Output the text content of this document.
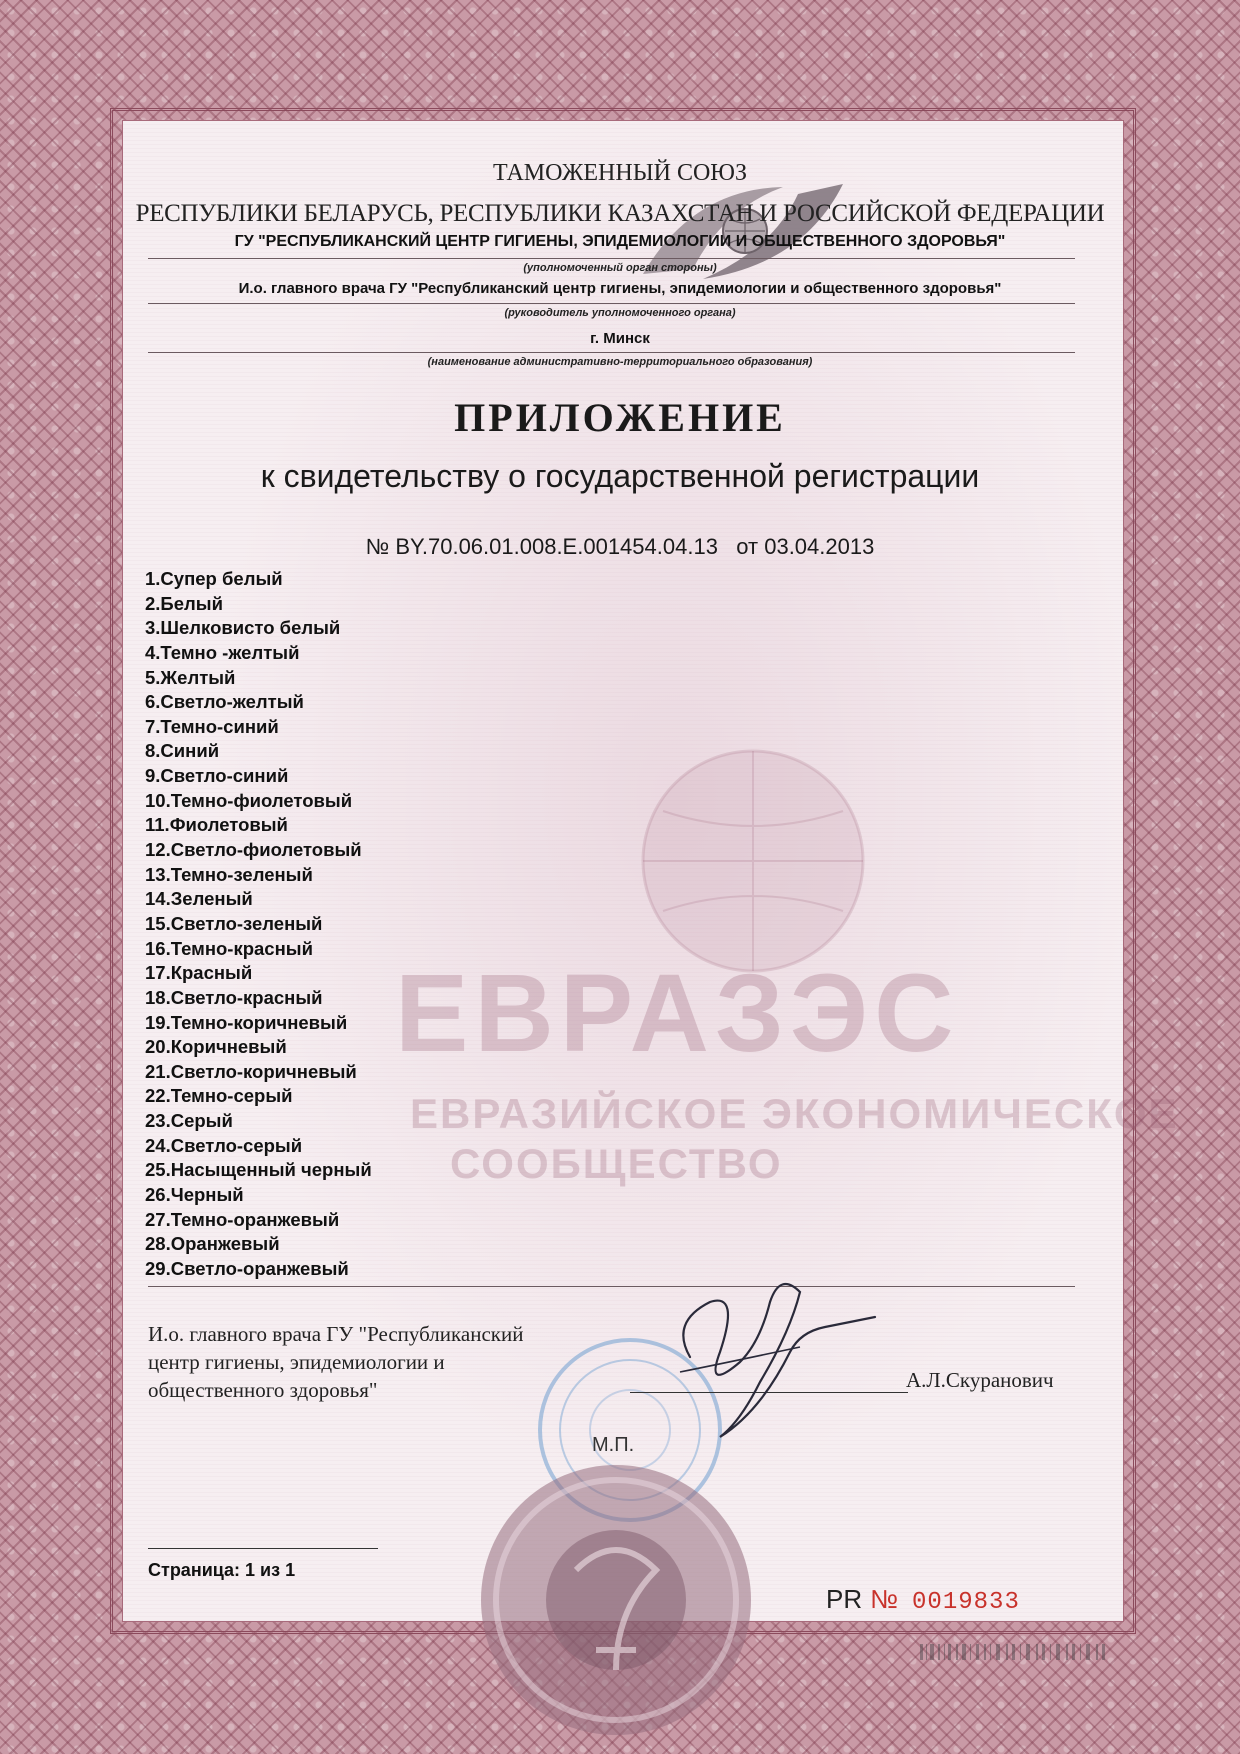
ЕВРАЗЭС
ЕВРАЗИЙСКОЕ ЭКОНОМИЧЕСКОЕ
СООБЩЕСТВО
ТАМОЖЕННЫЙ СОЮЗ
РЕСПУБЛИКИ БЕЛАРУСЬ, РЕСПУБЛИКИ КАЗАХСТАН И РОССИЙСКОЙ ФЕДЕРАЦИИ
ГУ "РЕСПУБЛИКАНСКИЙ ЦЕНТР ГИГИЕНЫ, ЭПИДЕМИОЛОГИИ И ОБЩЕСТВЕННОГО ЗДОРОВЬЯ"
(уполномоченный орган стороны)
И.о. главного врача ГУ "Республиканский центр гигиены, эпидемиологии и общественного здоровья"
(руководитель уполномоченного органа)
г. Минск
(наименование административно-территориального образования)
ПРИЛОЖЕНИЕ
к свидетельству о государственной регистрации
№ BY.70.06.01.008.E.001454.04.13 от 03.04.2013
1.Супер белый
2.Белый
3.Шелковисто белый
4.Темно -желтый
5.Желтый
6.Светло-желтый
7.Темно-синий
8.Синий
9.Светло-синий
10.Темно-фиолетовый
11.Фиолетовый
12.Светло-фиолетовый
13.Темно-зеленый
14.Зеленый
15.Светло-зеленый
16.Темно-красный
17.Красный
18.Светло-красный
19.Темно-коричневый
20.Коричневый
21.Светло-коричневый
22.Темно-серый
23.Серый
24.Светло-серый
25.Насыщенный черный
26.Черный
27.Темно-оранжевый
28.Оранжевый
29.Светло-оранжевый
И.о. главного врача ГУ "Республиканский
центр гигиены, эпидемиологии и
общественного здоровья"	А.Л.Скуранович
М.П.
Страница: 1 из 1
PR № 0019833
